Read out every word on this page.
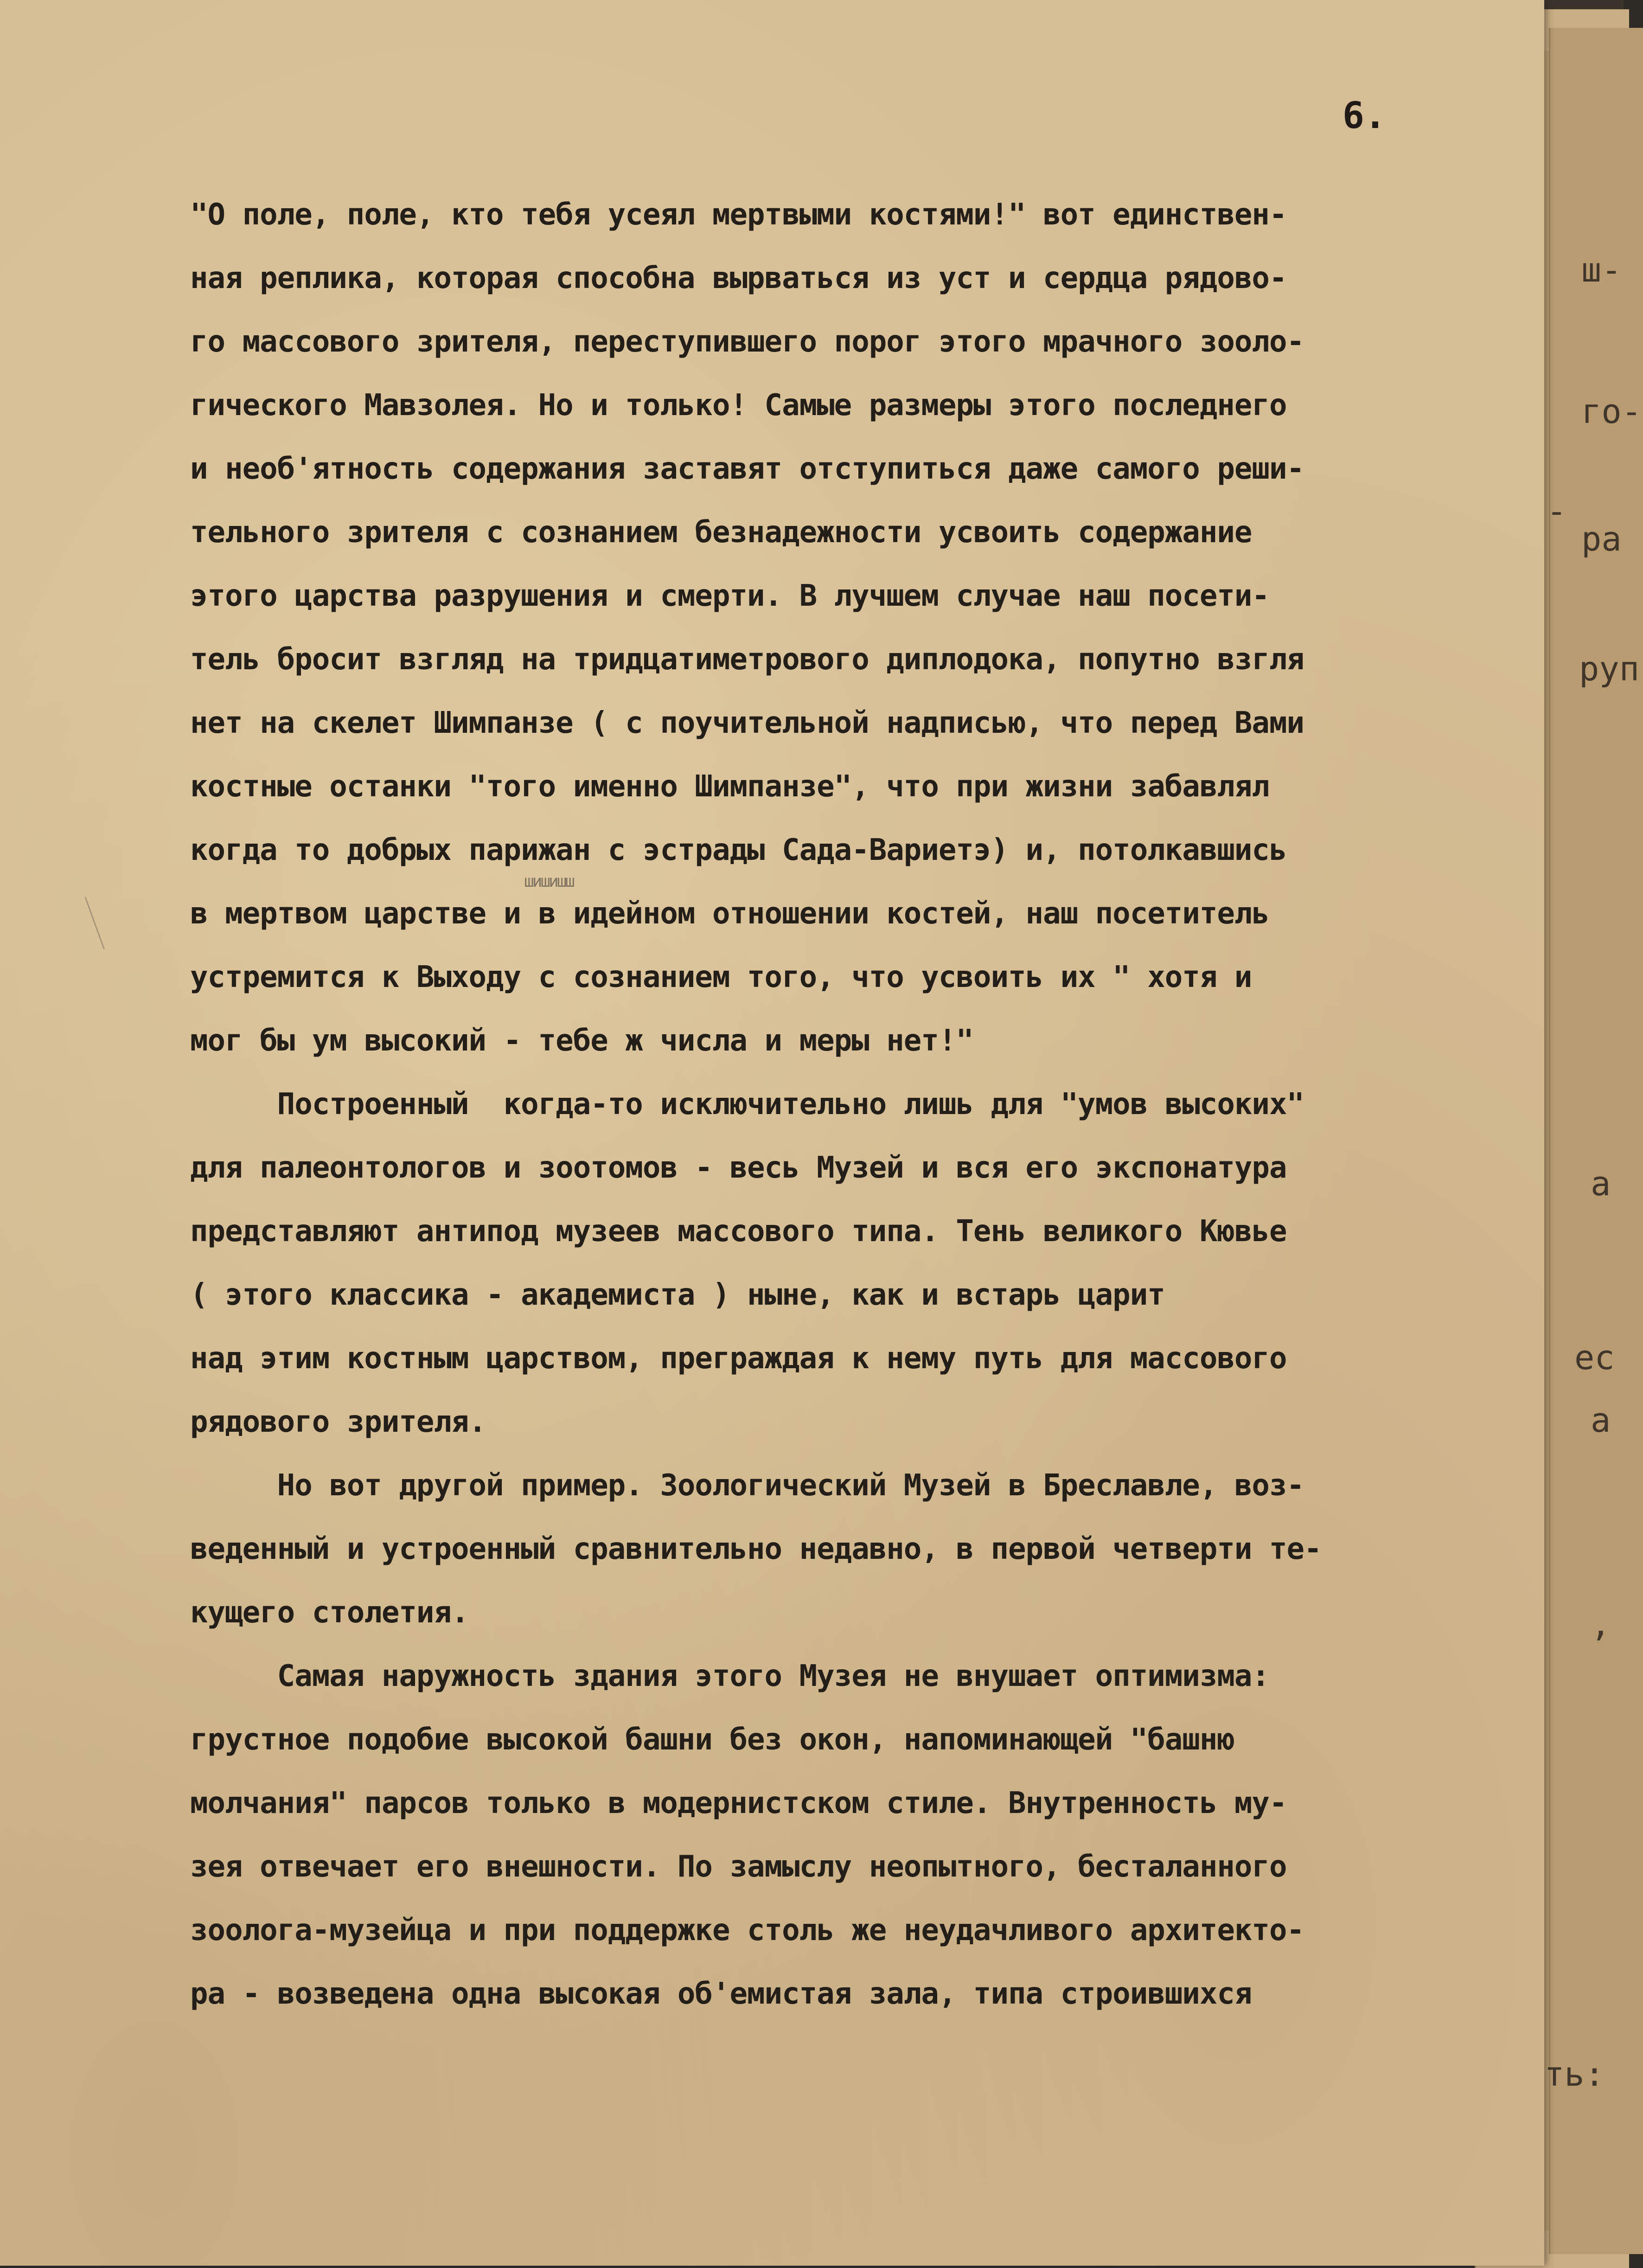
ш-
го-
-
ра
руп
а
ес
а
,
ть:
6.
шишишш
"О поле, поле, кто тебя усеял мертвыми костями!" вот единствен-
ная реплика, которая способна вырваться из уст и сердца рядово-
го массового зрителя, переступившего порог этого мрачного зооло-
гического Мавзолея. Но и только! Самые размеры этого последнего
и необ'ятность содержания заставят отступиться даже самого реши-
тельного зрителя с сознанием безнадежности усвоить содержание
этого царства разрушения и смерти. В лучшем случае наш посети-
тель бросит взгляд на тридцатиметрового диплодока, попутно взгля
нет на скелет Шимпанзе ( с поучительной надписью, что перед Вами
костные останки "того именно Шимпанзе", что при жизни забавлял
когда то добрых парижан с эстрады Сада-Вариетэ) и, потолкавшись
в мертвом царстве и в идейном отношении костей, наш посетитель
устремится к Выходу с сознанием того, что усвоить их " хотя и
мог бы ум высокий - тебе ж числа и меры нет!"
Построенный  когда-то исключительно лишь для "умов высоких"
для палеонтологов и зоотомов - весь Музей и вся его экспонатура
представляют антипод музеев массового типа. Тень великого Кювье
( этого классика - академиста ) ныне, как и встарь царит
над этим костным царством, преграждая к нему путь для массового
рядового зрителя.
Но вот другой пример. Зоологический Музей в Бреславле, воз-
веденный и устроенный сравнительно недавно, в первой четверти те-
кущего столетия.
Самая наружность здания этого Музея не внушает оптимизма:
грустное подобие высокой башни без окон, напоминающей "башню
молчания" парсов только в модернистском стиле. Внутренность му-
зея отвечает его внешности. По замыслу неопытного, бесталанного
зоолога-музейца и при поддержке столь же неудачливого архитекто-
ра - возведена одна высокая об'емистая зала, типа строившихся
